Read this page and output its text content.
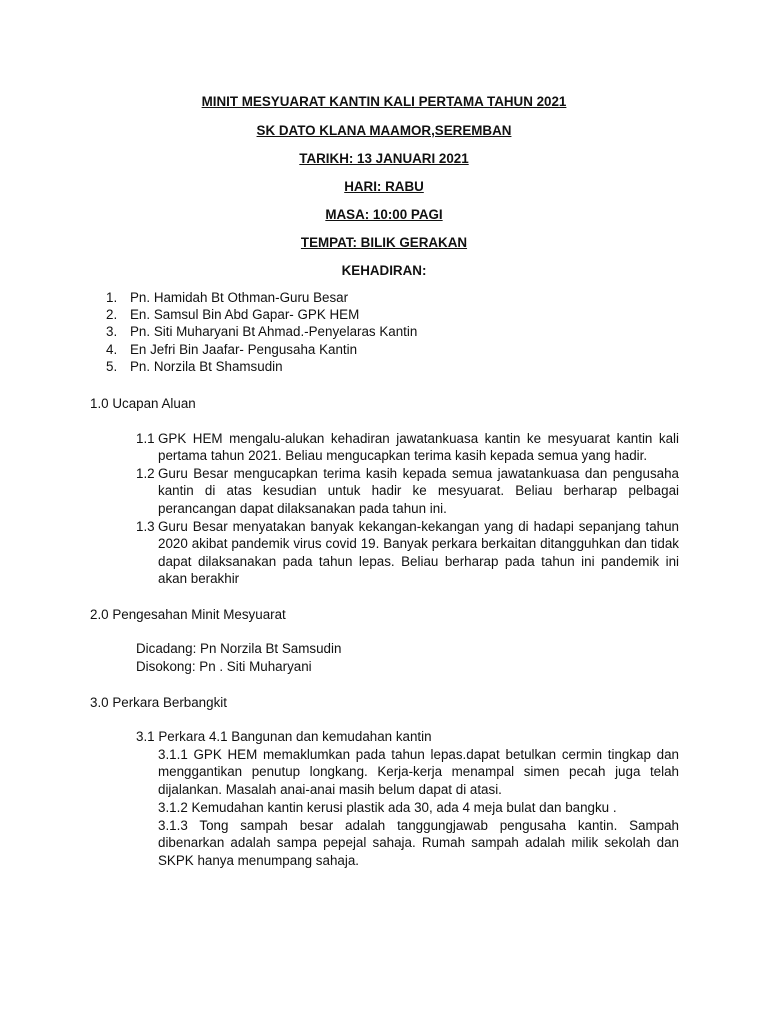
MINIT MESYUARAT KANTIN KALI PERTAMA TAHUN 2021
SK DATO KLANA MAAMOR,SEREMBAN
TARIKH: 13 JANUARI 2021
HARI: RABU
MASA: 10:00 PAGI
TEMPAT: BILIK GERAKAN
KEHADIRAN:
1. Pn. Hamidah Bt Othman-Guru Besar
2. En. Samsul Bin Abd Gapar- GPK HEM
3. Pn. Siti Muharyani Bt Ahmad.-Penyelaras Kantin
4. En Jefri Bin Jaafar- Pengusaha Kantin
5. Pn. Norzila Bt Shamsudin
1.0 Ucapan Aluan
1.1 GPK HEM mengalu-alukan kehadiran jawatankuasa kantin ke mesyuarat kantin kali pertama tahun 2021. Beliau mengucapkan terima kasih kepada semua yang hadir.
1.2 Guru Besar mengucapkan terima kasih kepada semua jawatankuasa dan pengusaha kantin di atas kesudian untuk hadir ke mesyuarat. Beliau berharap pelbagai perancangan dapat dilaksanakan pada tahun ini.
1.3 Guru Besar menyatakan banyak kekangan-kekangan yang di hadapi sepanjang tahun 2020 akibat pandemik virus covid 19. Banyak perkara berkaitan ditangguhkan dan tidak dapat dilaksanakan pada tahun lepas. Beliau berharap pada tahun ini pandemik ini akan berakhir
2.0 Pengesahan Minit Mesyuarat
Dicadang: Pn Norzila Bt Samsudin
Disokong: Pn . Siti Muharyani
3.0 Perkara Berbangkit
3.1 Perkara 4.1 Bangunan dan kemudahan kantin
3.1.1 GPK HEM memaklumkan pada tahun lepas.dapat betulkan cermin tingkap dan menggantikan penutup longkang. Kerja-kerja menampal simen pecah juga telah dijalankan. Masalah anai-anai masih belum dapat di atasi.
3.1.2 Kemudahan kantin kerusi plastik ada 30, ada 4 meja bulat dan bangku .
3.1.3 Tong sampah besar adalah tanggungjawab pengusaha kantin. Sampah dibenarkan adalah sampa pepejal sahaja. Rumah sampah adalah milik sekolah dan SKPK hanya menumpang sahaja.
